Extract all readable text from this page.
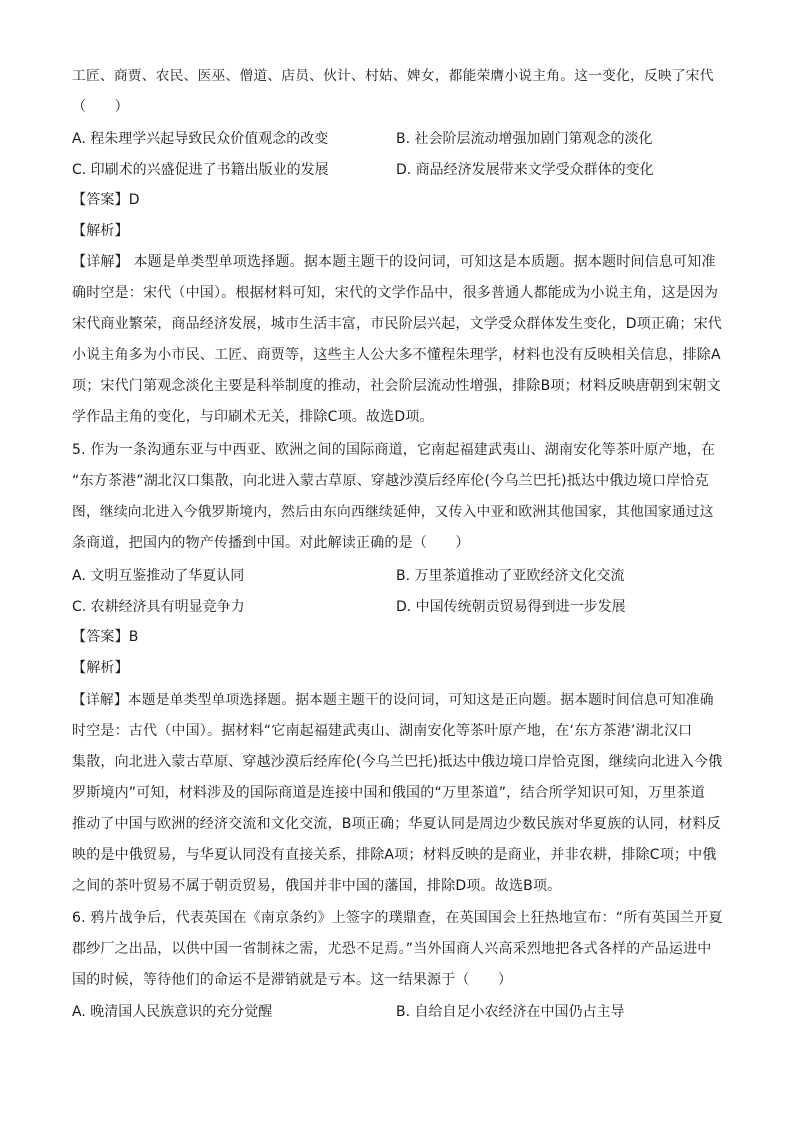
工匠、商贾、农民、医巫、僧道、店员、伙计、村姑、婢女，都能荣膺小说主角。这一变化，反映了宋代
（　　）
A. 程朱理学兴起导致民众价值观念的改变	B. 社会阶层流动增强加剧门第观念的淡化
C. 印刷术的兴盛促进了书籍出版业的发展	D. 商品经济发展带来文学受众群体的变化
【答案】D
【解析】
【详解】 本题是单类型单项选择题。据本题主题干的设问词，可知这是本质题。据本题时间信息可知准
确时空是：宋代（中国）。根据材料可知，宋代的文学作品中，很多普通人都能成为小说主角，这是因为
宋代商业繁荣，商品经济发展，城市生活丰富，市民阶层兴起，文学受众群体发生变化，D项正确；宋代
小说主角多为小市民、工匠、商贾等，这些主人公大多不懂程朱理学，材料也没有反映相关信息，排除A
项；宋代门第观念淡化主要是科举制度的推动，社会阶层流动性增强，排除B项；材料反映唐朝到宋朝文
学作品主角的变化，与印刷术无关，排除C项。故选D项。
5. 作为一条沟通东亚与中西亚、欧洲之间的国际商道，它南起福建武夷山、湖南安化等茶叶原产地，在
“东方茶港”湖北汉口集散，向北进入蒙古草原、穿越沙漠后经库伦(今乌兰巴托)抵达中俄边境口岸恰克
图，继续向北进入今俄罗斯境内，然后由东向西继续延伸，又传入中亚和欧洲其他国家，其他国家通过这
条商道，把国内的物产传播到中国。对此解读正确的是（　　）
A. 文明互鉴推动了华夏认同	B. 万里茶道推动了亚欧经济文化交流
C. 农耕经济具有明显竞争力	D. 中国传统朝贡贸易得到进一步发展
【答案】B
【解析】
【详解】本题是单类型单项选择题。据本题主题干的设问词，可知这是正向题。据本题时间信息可知准确
时空是：古代（中国）。据材料“它南起福建武夷山、湖南安化等茶叶原产地，在‘东方茶港’湖北汉口
集散，向北进入蒙古草原、穿越沙漠后经库伦(今乌兰巴托)抵达中俄边境口岸恰克图，继续向北进入今俄
罗斯境内”可知，材料涉及的国际商道是连接中国和俄国的“万里茶道”，结合所学知识可知，万里茶道
推动了中国与欧洲的经济交流和文化交流，B项正确；华夏认同是周边少数民族对华夏族的认同，材料反
映的是中俄贸易，与华夏认同没有直接关系，排除A项；材料反映的是商业，并非农耕，排除C项；中俄
之间的茶叶贸易不属于朝贡贸易，俄国并非中国的藩国，排除D项。故选B项。
6. 鸦片战争后，代表英国在《南京条约》上签字的璞鼎查，在英国国会上狂热地宣布：“所有英国兰开夏
郡纱厂之出品，以供中国一省制袜之需，尤恐不足焉。”当外国商人兴高采烈地把各式各样的产品运进中
国的时候，等待他们的命运不是滞销就是亏本。这一结果源于（　　）
A. 晚清国人民族意识的充分觉醒	B. 自给自足小农经济在中国仍占主导
